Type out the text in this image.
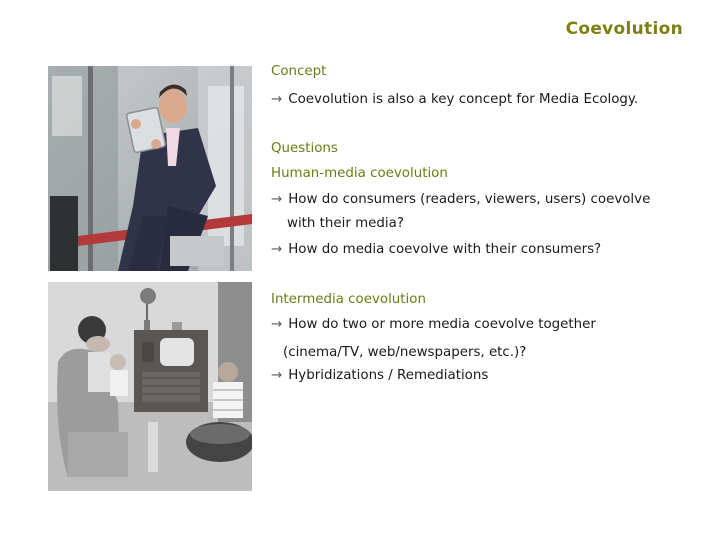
Coevolution
Concept
→ Coevolution is also a key concept for Media Ecology.
Questions
Human-media coevolution
→ How do consumers (readers, viewers, users) coevolve
with their media?
→ How do media coevolve with their consumers?
Intermedia coevolution
→ How do two or more media coevolve together
(cinema/TV, web/newspapers, etc.)?
→ Hybridizations / Remediations
